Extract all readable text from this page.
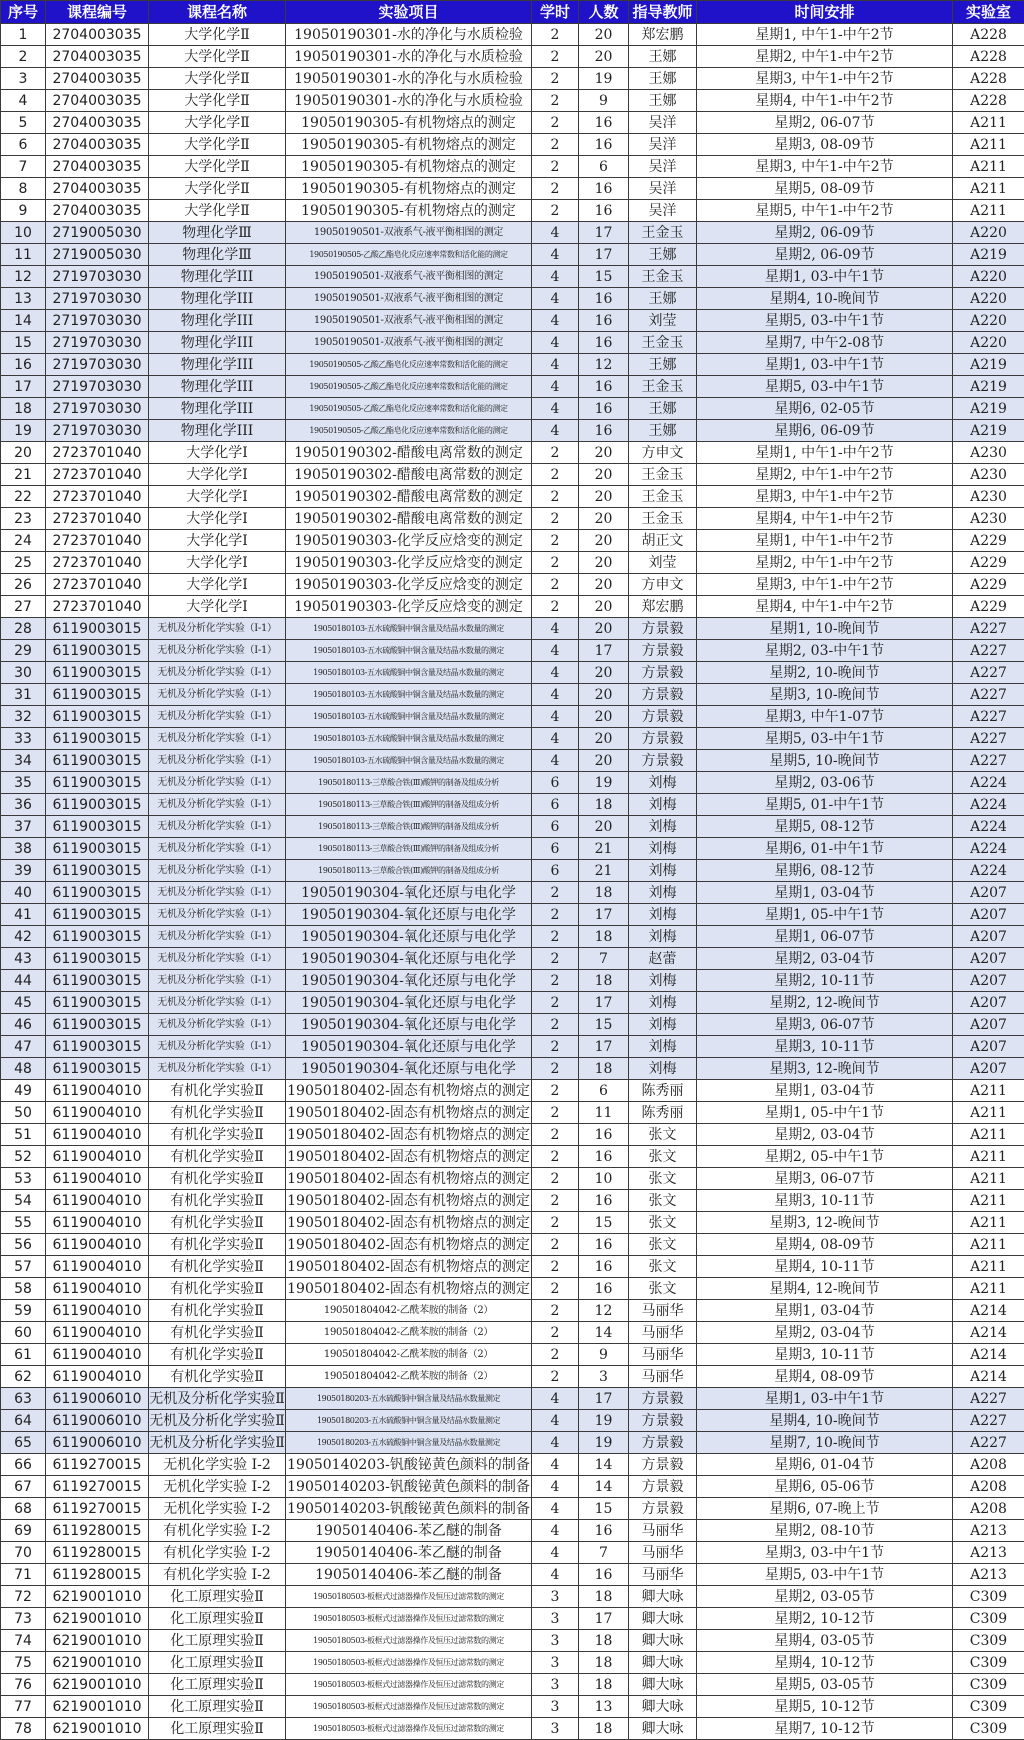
序号	课程编号	课程名称	实验项目	学时	人数	指导教师	时间安排	实验室
1	2704003035	大学化学Ⅱ	19050190301-水的净化与水质检验	2	20	郑宏鹏	星期1, 中午1-中午2节	A228
2	2704003035	大学化学Ⅱ	19050190301-水的净化与水质检验	2	20	王娜	星期2, 中午1-中午2节	A228
3	2704003035	大学化学Ⅱ	19050190301-水的净化与水质检验	2	19	王娜	星期3, 中午1-中午2节	A228
4	2704003035	大学化学Ⅱ	19050190301-水的净化与水质检验	2	9	王娜	星期4, 中午1-中午2节	A228
5	2704003035	大学化学Ⅱ	19050190305-有机物熔点的测定	2	16	吴洋	星期2, 06-07节	A211
6	2704003035	大学化学Ⅱ	19050190305-有机物熔点的测定	2	16	吴洋	星期3, 08-09节	A211
7	2704003035	大学化学Ⅱ	19050190305-有机物熔点的测定	2	6	吴洋	星期3, 中午1-中午2节	A211
8	2704003035	大学化学Ⅱ	19050190305-有机物熔点的测定	2	16	吴洋	星期5, 08-09节	A211
9	2704003035	大学化学Ⅱ	19050190305-有机物熔点的测定	2	16	吴洋	星期5, 中午1-中午2节	A211
10	2719005030	物理化学Ⅲ	19050190501-双液系气-液平衡相图的测定	4	17	王金玉	星期2, 06-09节	A220
11	2719005030	物理化学Ⅲ	19050190505-乙酸乙酯皂化反应速率常数和活化能的测定	4	17	王娜	星期2, 06-09节	A219
12	2719703030	物理化学III	19050190501-双液系气-液平衡相图的测定	4	15	王金玉	星期1, 03-中午1节	A220
13	2719703030	物理化学III	19050190501-双液系气-液平衡相图的测定	4	16	王娜	星期4, 10-晚间节	A220
14	2719703030	物理化学III	19050190501-双液系气-液平衡相图的测定	4	16	刘莹	星期5, 03-中午1节	A220
15	2719703030	物理化学III	19050190501-双液系气-液平衡相图的测定	4	16	王金玉	星期7, 中午2-08节	A220
16	2719703030	物理化学III	19050190505-乙酸乙酯皂化反应速率常数和活化能的测定	4	12	王娜	星期1, 03-中午1节	A219
17	2719703030	物理化学III	19050190505-乙酸乙酯皂化反应速率常数和活化能的测定	4	16	王金玉	星期5, 03-中午1节	A219
18	2719703030	物理化学III	19050190505-乙酸乙酯皂化反应速率常数和活化能的测定	4	16	王娜	星期6, 02-05节	A219
19	2719703030	物理化学III	19050190505-乙酸乙酯皂化反应速率常数和活化能的测定	4	16	王娜	星期6, 06-09节	A219
20	2723701040	大学化学Ⅰ	19050190302-醋酸电离常数的测定	2	20	方申文	星期1, 中午1-中午2节	A230
21	2723701040	大学化学Ⅰ	19050190302-醋酸电离常数的测定	2	20	王金玉	星期2, 中午1-中午2节	A230
22	2723701040	大学化学Ⅰ	19050190302-醋酸电离常数的测定	2	20	王金玉	星期3, 中午1-中午2节	A230
23	2723701040	大学化学Ⅰ	19050190302-醋酸电离常数的测定	2	20	王金玉	星期4, 中午1-中午2节	A230
24	2723701040	大学化学Ⅰ	19050190303-化学反应焓变的测定	2	20	胡正文	星期1, 中午1-中午2节	A229
25	2723701040	大学化学Ⅰ	19050190303-化学反应焓变的测定	2	20	刘莹	星期2, 中午1-中午2节	A229
26	2723701040	大学化学Ⅰ	19050190303-化学反应焓变的测定	2	20	方申文	星期3, 中午1-中午2节	A229
27	2723701040	大学化学Ⅰ	19050190303-化学反应焓变的测定	2	20	郑宏鹏	星期4, 中午1-中午2节	A229
28	6119003015	无机及分析化学实验（Ⅰ-1）	19050180103-五水硫酸铜中铜含量及结晶水数量的测定	4	20	方景毅	星期1, 10-晚间节	A227
29	6119003015	无机及分析化学实验（Ⅰ-1）	19050180103-五水硫酸铜中铜含量及结晶水数量的测定	4	17	方景毅	星期2, 03-中午1节	A227
30	6119003015	无机及分析化学实验（Ⅰ-1）	19050180103-五水硫酸铜中铜含量及结晶水数量的测定	4	20	方景毅	星期2, 10-晚间节	A227
31	6119003015	无机及分析化学实验（Ⅰ-1）	19050180103-五水硫酸铜中铜含量及结晶水数量的测定	4	20	方景毅	星期3, 10-晚间节	A227
32	6119003015	无机及分析化学实验（Ⅰ-1）	19050180103-五水硫酸铜中铜含量及结晶水数量的测定	4	20	方景毅	星期3, 中午1-07节	A227
33	6119003015	无机及分析化学实验（Ⅰ-1）	19050180103-五水硫酸铜中铜含量及结晶水数量的测定	4	20	方景毅	星期5, 03-中午1节	A227
34	6119003015	无机及分析化学实验（Ⅰ-1）	19050180103-五水硫酸铜中铜含量及结晶水数量的测定	4	20	方景毅	星期5, 10-晚间节	A227
35	6119003015	无机及分析化学实验（Ⅰ-1）	19050180113-三草酸合铁(Ⅲ)酸钾的制备及组成分析	6	19	刘梅	星期2, 03-06节	A224
36	6119003015	无机及分析化学实验（Ⅰ-1）	19050180113-三草酸合铁(Ⅲ)酸钾的制备及组成分析	6	18	刘梅	星期5, 01-中午1节	A224
37	6119003015	无机及分析化学实验（Ⅰ-1）	19050180113-三草酸合铁(Ⅲ)酸钾的制备及组成分析	6	20	刘梅	星期5, 08-12节	A224
38	6119003015	无机及分析化学实验（Ⅰ-1）	19050180113-三草酸合铁(Ⅲ)酸钾的制备及组成分析	6	21	刘梅	星期6, 01-中午1节	A224
39	6119003015	无机及分析化学实验（Ⅰ-1）	19050180113-三草酸合铁(Ⅲ)酸钾的制备及组成分析	6	21	刘梅	星期6, 08-12节	A224
40	6119003015	无机及分析化学实验（Ⅰ-1）	19050190304-氧化还原与电化学	2	18	刘梅	星期1, 03-04节	A207
41	6119003015	无机及分析化学实验（Ⅰ-1）	19050190304-氧化还原与电化学	2	17	刘梅	星期1, 05-中午1节	A207
42	6119003015	无机及分析化学实验（Ⅰ-1）	19050190304-氧化还原与电化学	2	18	刘梅	星期1, 06-07节	A207
43	6119003015	无机及分析化学实验（Ⅰ-1）	19050190304-氧化还原与电化学	2	7	赵蕾	星期2, 03-04节	A207
44	6119003015	无机及分析化学实验（Ⅰ-1）	19050190304-氧化还原与电化学	2	18	刘梅	星期2, 10-11节	A207
45	6119003015	无机及分析化学实验（Ⅰ-1）	19050190304-氧化还原与电化学	2	17	刘梅	星期2, 12-晚间节	A207
46	6119003015	无机及分析化学实验（Ⅰ-1）	19050190304-氧化还原与电化学	2	15	刘梅	星期3, 06-07节	A207
47	6119003015	无机及分析化学实验（Ⅰ-1）	19050190304-氧化还原与电化学	2	17	刘梅	星期3, 10-11节	A207
48	6119003015	无机及分析化学实验（Ⅰ-1）	19050190304-氧化还原与电化学	2	18	刘梅	星期3, 12-晚间节	A207
49	6119004010	有机化学实验Ⅱ	19050180402-固态有机物熔点的测定	2	6	陈秀丽	星期1, 03-04节	A211
50	6119004010	有机化学实验Ⅱ	19050180402-固态有机物熔点的测定	2	11	陈秀丽	星期1, 05-中午1节	A211
51	6119004010	有机化学实验Ⅱ	19050180402-固态有机物熔点的测定	2	16	张文	星期2, 03-04节	A211
52	6119004010	有机化学实验Ⅱ	19050180402-固态有机物熔点的测定	2	16	张文	星期2, 05-中午1节	A211
53	6119004010	有机化学实验Ⅱ	19050180402-固态有机物熔点的测定	2	10	张文	星期3, 06-07节	A211
54	6119004010	有机化学实验Ⅱ	19050180402-固态有机物熔点的测定	2	16	张文	星期3, 10-11节	A211
55	6119004010	有机化学实验Ⅱ	19050180402-固态有机物熔点的测定	2	15	张文	星期3, 12-晚间节	A211
56	6119004010	有机化学实验Ⅱ	19050180402-固态有机物熔点的测定	2	16	张文	星期4, 08-09节	A211
57	6119004010	有机化学实验Ⅱ	19050180402-固态有机物熔点的测定	2	16	张文	星期4, 10-11节	A211
58	6119004010	有机化学实验Ⅱ	19050180402-固态有机物熔点的测定	2	16	张文	星期4, 12-晚间节	A211
59	6119004010	有机化学实验Ⅱ	19050180404​2-乙酰苯胺的制备（2）	2	12	马丽华	星期1, 03-04节	A214
60	6119004010	有机化学实验Ⅱ	19050180404​2-乙酰苯胺的制备（2）	2	14	马丽华	星期2, 03-04节	A214
61	6119004010	有机化学实验Ⅱ	19050180404​2-乙酰苯胺的制备（2）	2	9	马丽华	星期3, 10-11节	A214
62	6119004010	有机化学实验Ⅱ	19050180404​2-乙酰苯胺的制备（2）	2	3	马丽华	星期4, 08-09节	A214
63	6119006010	无机及分析化学实验Ⅱ	19050180203-五水硫酸铜中铜含量及结晶水数量测定	4	17	方景毅	星期1, 03-中午1节	A227
64	6119006010	无机及分析化学实验Ⅱ	19050180203-五水硫酸铜中铜含量及结晶水数量测定	4	19	方景毅	星期4, 10-晚间节	A227
65	6119006010	无机及分析化学实验Ⅱ	19050180203-五水硫酸铜中铜含量及结晶水数量测定	4	19	方景毅	星期7, 10-晚间节	A227
66	6119270015	无机化学实验 Ⅰ-2	19050140203-钒酸铋黄色颜料的制备	4	14	方景毅	星期6, 01-04节	A208
67	6119270015	无机化学实验 Ⅰ-2	19050140203-钒酸铋黄色颜料的制备	4	14	方景毅	星期6, 05-06节	A208
68	6119270015	无机化学实验 Ⅰ-2	19050140203-钒酸铋黄色颜料的制备	4	15	方景毅	星期6, 07-晚上节	A208
69	6119280015	有机化学实验 Ⅰ-2	19050140406-苯乙醚的制备	4	16	马丽华	星期2, 08-10节	A213
70	6119280015	有机化学实验 Ⅰ-2	19050140406-苯乙醚的制备	4	7	马丽华	星期3, 03-中午1节	A213
71	6119280015	有机化学实验 Ⅰ-2	19050140406-苯乙醚的制备	4	16	马丽华	星期5, 03-中午1节	A213
72	6219001010	化工原理实验Ⅱ	19050180503-板框式过滤器操作及恒压过滤常数的测定	3	18	卿大咏	星期2, 03-05节	C309
73	6219001010	化工原理实验Ⅱ	19050180503-板框式过滤器操作及恒压过滤常数的测定	3	17	卿大咏	星期2, 10-12节	C309
74	6219001010	化工原理实验Ⅱ	19050180503-板框式过滤器操作及恒压过滤常数的测定	3	18	卿大咏	星期4, 03-05节	C309
75	6219001010	化工原理实验Ⅱ	19050180503-板框式过滤器操作及恒压过滤常数的测定	3	18	卿大咏	星期4, 10-12节	C309
76	6219001010	化工原理实验Ⅱ	19050180503-板框式过滤器操作及恒压过滤常数的测定	3	18	卿大咏	星期5, 03-05节	C309
77	6219001010	化工原理实验Ⅱ	19050180503-板框式过滤器操作及恒压过滤常数的测定	3	13	卿大咏	星期5, 10-12节	C309
78	6219001010	化工原理实验Ⅱ	19050180503-板框式过滤器操作及恒压过滤常数的测定	3	18	卿大咏	星期7, 10-12节	C309
